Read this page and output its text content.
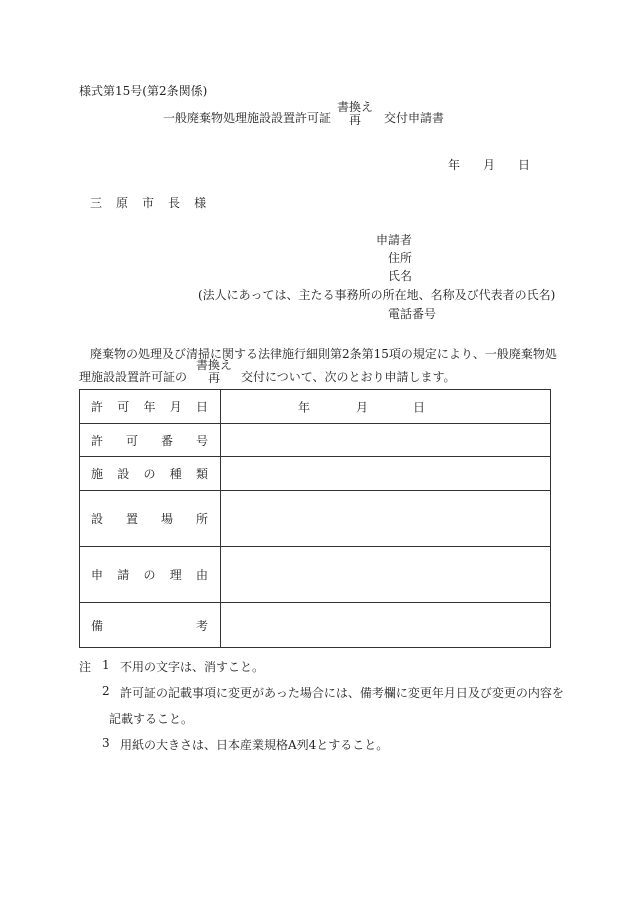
様式第15号(第2条関係)
一般廃棄物処理施設設置許可証
書換え
再	交付申請書
年 月 日
三 原 市 長 様
申請者
住所
氏名
(法人にあっては、主たる事務所の所在地、名称及び代表者の氏名)
電話番号
廃棄物の処理及び清掃に関する法律施行細則第2条第15項の規定により、一般廃棄物処
理施設設置許可証の
書換え
再	交付について、次のとおり申請します。
許 可 年 月 日	年 月 日

許 可 番 号	

施 設 の 種 類	

設 置 場 所	

申 請 の 理 由	

備 考	

注 1 不用の文字は、消すこと。
2 許可証の記載事項に変更があった場合には、備考欄に変更年月日及び変更の内容を
記載すること。
3 用紙の大きさは、日本産業規格A列4とすること。
